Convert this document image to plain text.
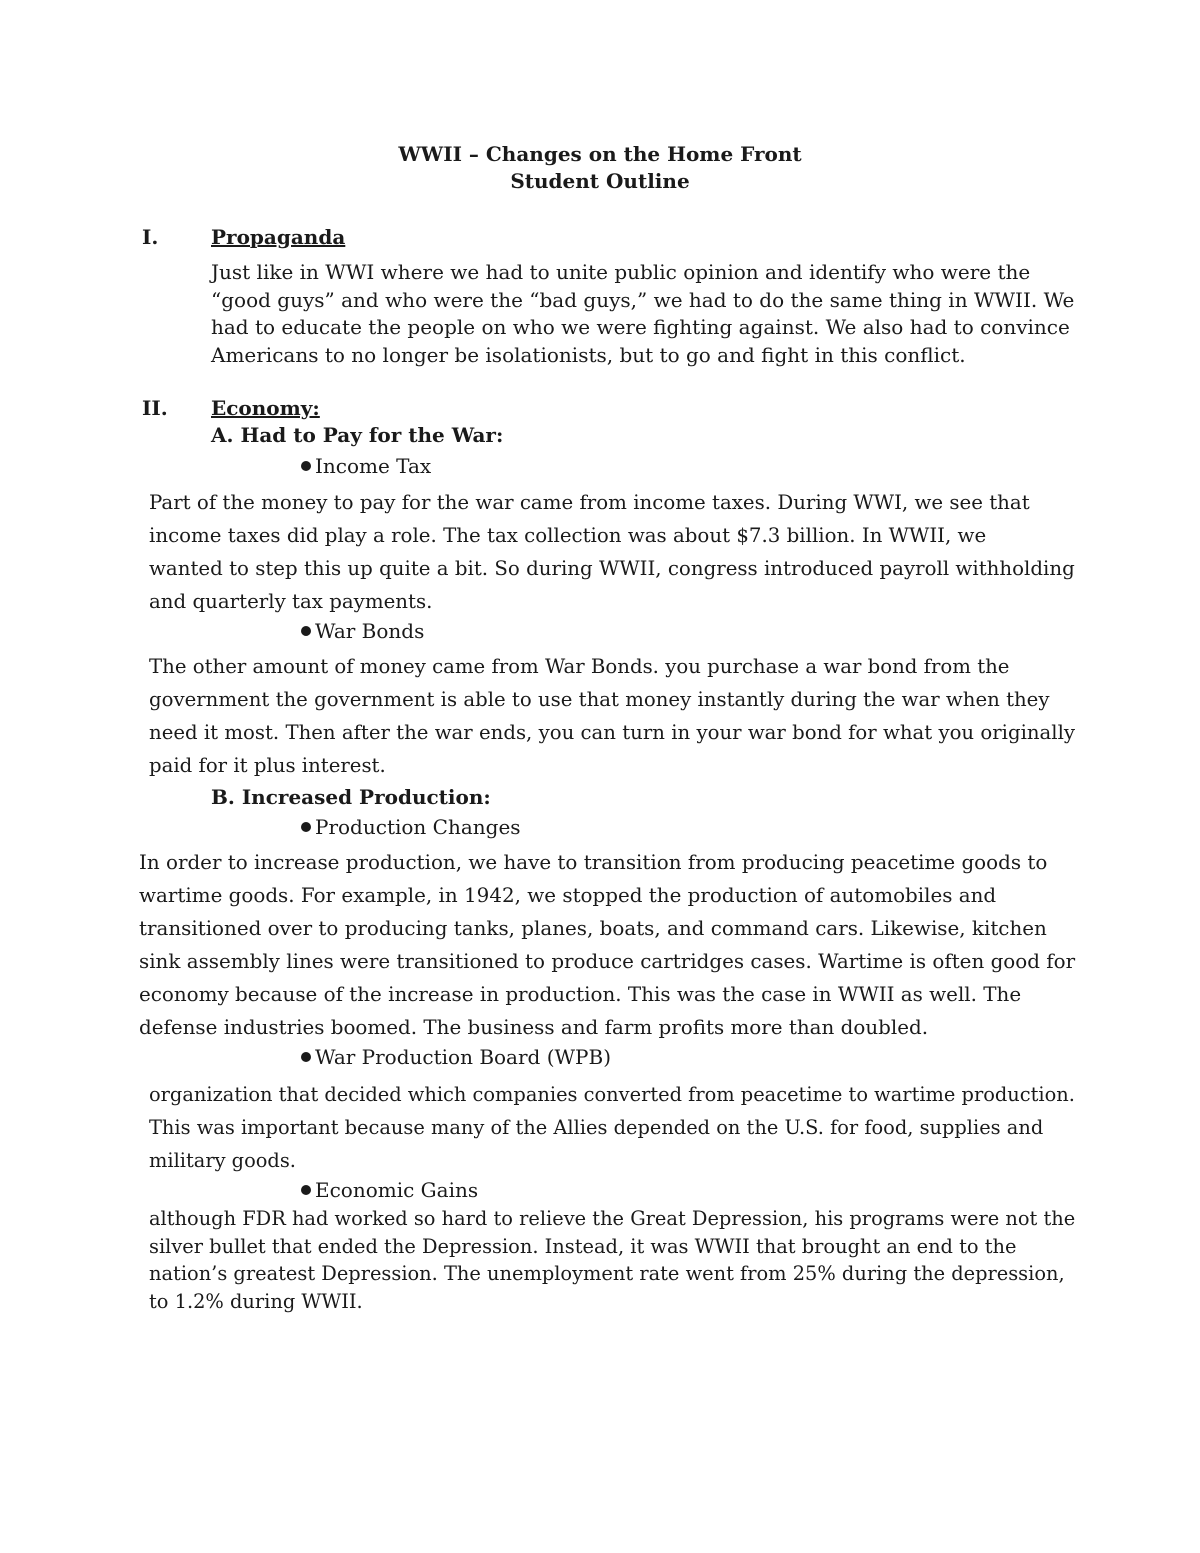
WWII – Changes on the Home Front
Student Outline
I.	Propaganda
Just like in WWI where we had to unite public opinion and identify who were the
“good guys” and who were the “bad guys,” we had to do the same thing in WWII. We
had to educate the people on who we were fighting against. We also had to convince
Americans to no longer be isolationists, but to go and fight in this conflict.
II. Economy:
A. Had to Pay for the War:
Income Tax
Part of the money to pay for the war came from income taxes. During WWI, we see that
income taxes did play a role. The tax collection was about $7.3 billion. In WWII, we
wanted to step this up quite a bit. So during WWII, congress introduced payroll withholding
and quarterly tax payments.
War Bonds
The other amount of money came from War Bonds. you purchase a war bond from the
government the government is able to use that money instantly during the war when they
need it most. Then after the war ends, you can turn in your war bond for what you originally
paid for it plus interest.
B. Increased Production:
Production Changes
In order to increase production, we have to transition from producing peacetime goods to
wartime goods. For example, in 1942, we stopped the production of automobiles and
transitioned over to producing tanks, planes, boats, and command cars. Likewise, kitchen
sink assembly lines were transitioned to produce cartridges cases. Wartime is often good for
economy because of the increase in production. This was the case in WWII as well. The
defense industries boomed. The business and farm profits more than doubled.
War Production Board (WPB)
organization that decided which companies converted from peacetime to wartime production.
This was important because many of the Allies depended on the U.S. for food, supplies and
military goods.
Economic Gains
although FDR had worked so hard to relieve the Great Depression, his programs were not the
silver bullet that ended the Depression. Instead, it was WWII that brought an end to the
nation’s greatest Depression. The unemployment rate went from 25% during the depression,
to 1.2% during WWII.
